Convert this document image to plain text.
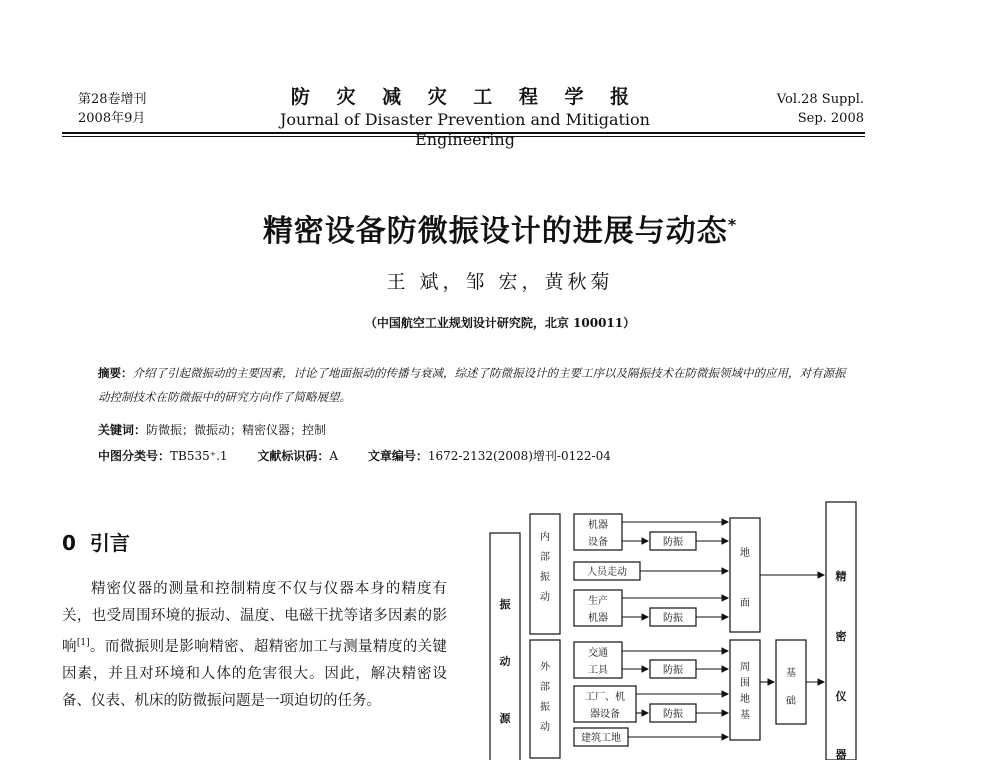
第28卷增刊
2008年9月
防 灾 减 灾 工 程 学 报
Journal of Disaster Prevention and Mitigation Engineering
Vol.28 Suppl.
Sep. 2008
精密设备防微振设计的进展与动态*
王 斌，邹 宏，黄秋菊
（中国航空工业规划设计研究院，北京 100011）
摘要：介绍了引起微振动的主要因素，讨论了地面振动的传播与衰减，综述了防微振设计的主要工序以及隔振技术在防微振领域中的应用，对有源振动控制技术在防微振中的研究方向作了简略展望。
关键词：防微振；微振动；精密仪器；控制
中图分类号：TB535⁺.1 文献标识码：A 文章编号：1672-2132(2008)增刊-0122-04
0 引言

精密仪器的测量和控制精度不仅与仪器本身的精度有关，也受周围环境的振动、温度、电磁干扰等诸多因素的影响[1]。而微振则是影响精密、超精密加工与测量精度的关键因素，并且对环境和人体的危害很大。因此，解决精密设备、仪表、机床的防微振问题是一项迫切的任务。

振
动
源
内
部
振
动
外
部
振
动
机器
设备
人员走动
生产
机器
交通
工具
工厂、机
器设备
建筑工地
防振
防振
防振
防振
地
面
周
围
地
基
基
础
精
密
仪
器
